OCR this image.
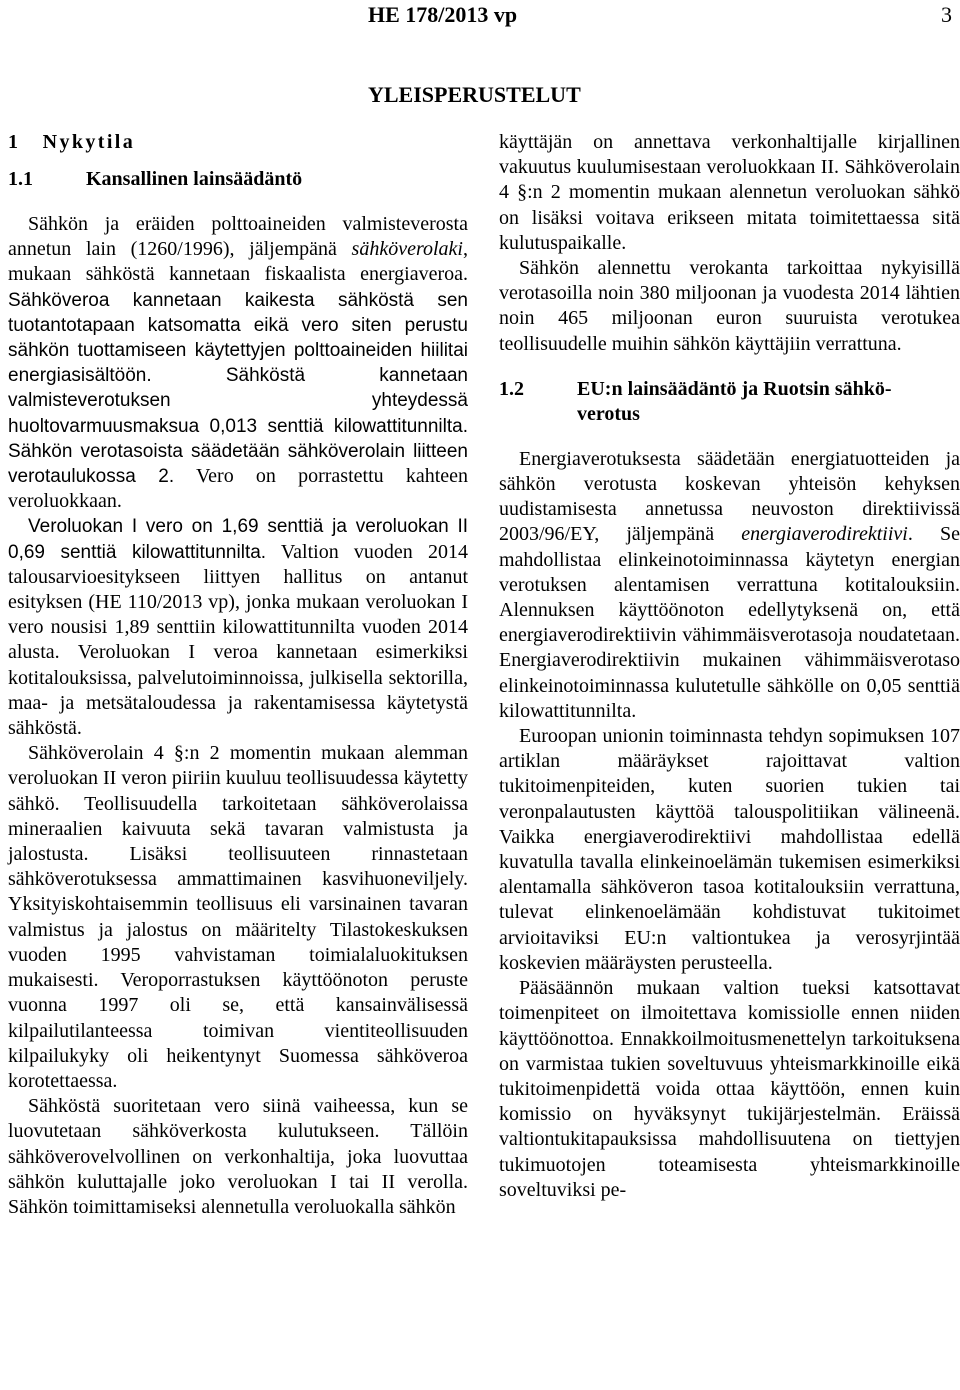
HE 178/2013 vp	3
YLEISPERUSTELUT
1 Nykytila
1.1	Kansallinen lainsäädäntö

Sähkön ja eräiden polttoaineiden valmisteverosta annetun lain (1260/1996), jäljempänä sähköverolaki, mukaan sähköstä kannetaan fiskaalista energiaveroa. Sähköveroa kannetaan kaikesta sähköstä sen tuotantotapaan katsomatta eikä vero siten perustu sähkön tuottamiseen käytettyjen polttoaineiden hiilitai energiasisältöön. Sähköstä kannetaan valmisteverotuksen yhteydessä huoltovarmuusmaksua 0,013 senttiä kilowattitunnilta. Sähkön verotasoista säädetään sähköverolain liitteen verotaulukossa 2. Vero on porrastettu kahteen veroluokkaan.

Veroluokan I vero on 1,69 senttiä ja veroluokan II 0,69 senttiä kilowattitunnilta. Valtion vuoden 2014 talousarvioesitykseen liittyen hallitus on antanut esityksen (HE 110/2013 vp), jonka mukaan veroluokan I vero nousisi 1,89 senttiin kilowattitunnilta vuoden 2014 alusta. Veroluokan I veroa kannetaan esimerkiksi kotitalouksissa, palvelutoiminnoissa, julkisella sektorilla, maa- ja metsätaloudessa ja rakentamisessa käytetystä sähköstä.

Sähköverolain 4 §:n 2 momentin mukaan alemman veroluokan II veron piiriin kuuluu teollisuudessa käytetty sähkö. Teollisuudella tarkoitetaan sähköverolaissa mineraalien kaivuuta sekä tavaran valmistusta ja jalostusta. Lisäksi teollisuuteen rinnastetaan sähköverotuksessa ammattimainen kasvihuoneviljely. Yksityiskohtaisemmin teollisuus eli varsinainen tavaran valmistus ja jalostus on määritelty Tilastokeskuksen vuoden 1995 vahvistaman toimialaluokituksen mukaisesti. Veroporrastuksen käyttöönoton peruste vuonna 1997 oli se, että kansainvälisessä kilpailutilanteessa toimivan vientiteollisuuden kilpailukyky oli heikentynyt Suomessa sähköveroa korotettaessa.

Sähköstä suoritetaan vero siinä vaiheessa, kun se luovutetaan sähköverkosta kulutukseen. Tällöin sähköverovelvollinen on verkonhaltija, joka luovuttaa sähkön kuluttajalle joko veroluokan I tai II verolla. Sähkön toimittamiseksi alennetulla veroluokalla sähkön

käyttäjän on annettava verkonhaltijalle kirjallinen vakuutus kuulumisestaan veroluokkaan II. Sähköverolain 4 §:n 2 momentin mukaan alennetun veroluokan sähkö on lisäksi voitava erikseen mitata toimitettaessa sitä kulutuspaikalle.

Sähkön alennettu verokanta tarkoittaa nykyisillä verotasoilla noin 380 miljoonan ja vuodesta 2014 lähtien noin 465 miljoonan euron suuruista verotukea teollisuudelle muihin sähkön käyttäjiin verrattuna.

1.2	EU:n lainsäädäntö ja Ruotsin sähkö-
verotus

Energiaverotuksesta säädetään energiatuotteiden ja sähkön verotusta koskevan yhteisön kehyksen uudistamisesta annetussa neuvoston direktiivissä 2003/96/EY, jäljempänä energiaverodirektiivi. Se mahdollistaa elinkeinotoiminnassa käytetyn energian verotuksen alentamisen verrattuna kotitalouksiin. Alennuksen käyttöönoton edellytyksenä on, että energiaverodirektiivin vähimmäisverotasoja noudatetaan. Energiaverodirektiivin mukainen vähimmäisverotaso elinkeinotoiminnassa kulutetulle sähkölle on 0,05 senttiä kilowattitunnilta.

Euroopan unionin toiminnasta tehdyn sopimuksen 107 artiklan määräykset rajoittavat valtion tukitoimenpiteiden, kuten suorien tukien tai veronpalautusten käyttöä talouspolitiikan välineenä. Vaikka energiaverodirektiivi mahdollistaa edellä kuvatulla tavalla elinkeinoelämän tukemisen esimerkiksi alentamalla sähköveron tasoa kotitalouksiin verrattuna, tulevat elinkenoelämään kohdistuvat tukitoimet arvioitaviksi EU:n valtiontukea ja verosyrjintää koskevien määräysten perusteella.

Pääsäännön mukaan valtion tueksi katsottavat toimenpiteet on ilmoitettava komissiolle ennen niiden käyttöönottoa. Ennakkoilmoitusmenettelyn tarkoituksena on varmistaa tukien soveltuvuus yhteismarkkinoille eikä tukitoimenpidettä voida ottaa käyttöön, ennen kuin komissio on hyväksynyt tukijärjestelmän. Eräissä valtiontukitapauksissa mahdollisuutena on tiettyjen tukimuotojen toteamisesta yhteismarkkinoille soveltuviksi pe-
